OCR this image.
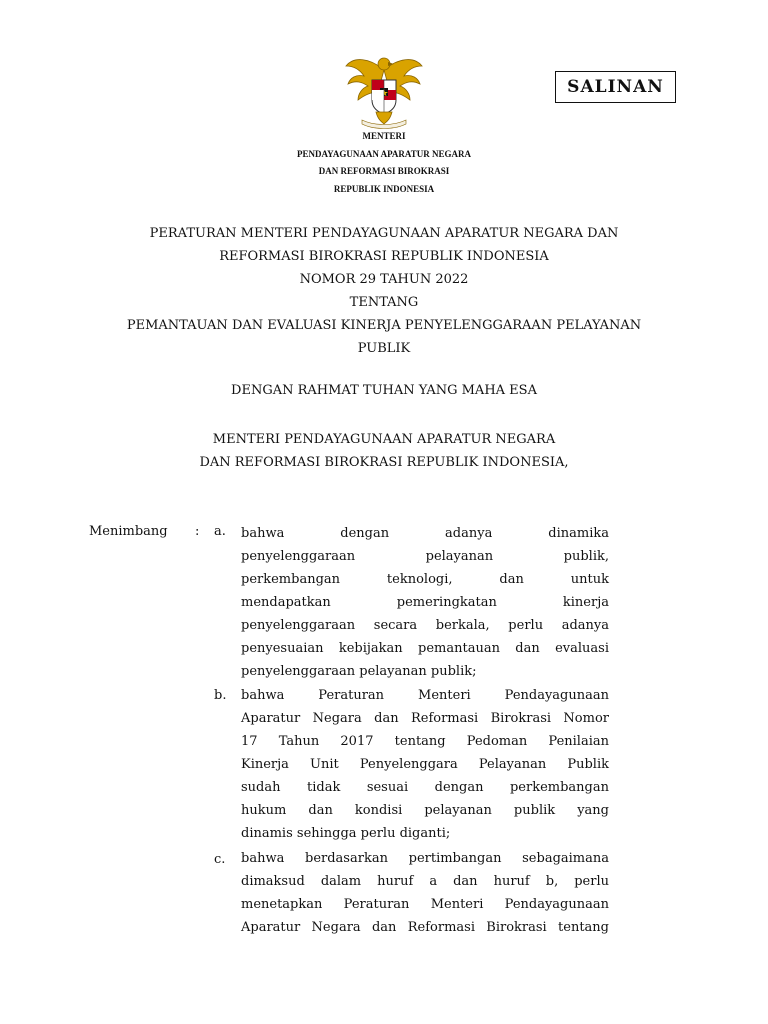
SALINAN
MENTERI
PENDAYAGUNAAN APARATUR NEGARA
DAN REFORMASI BIROKRASI
REPUBLIK INDONESIA
PERATURAN MENTERI PENDAYAGUNAAN APARATUR NEGARA DAN
REFORMASI BIROKRASI REPUBLIK INDONESIA
NOMOR 29 TAHUN 2022
TENTANG
PEMANTAUAN DAN EVALUASI KINERJA PENYELENGGARAAN PELAYANAN
PUBLIK
DENGAN RAHMAT TUHAN YANG MAHA ESA
MENTERI PENDAYAGUNAAN APARATUR NEGARA
DAN REFORMASI BIROKRASI REPUBLIK INDONESIA,
Menimbang : a. bahwa dengan adanya dinamika
penyelenggaraan pelayanan publik,
perkembangan teknologi, dan untuk
mendapatkan pemeringkatan kinerja
penyelenggaraan secara berkala, perlu adanya
penyesuaian kebijakan pemantauan dan evaluasi
penyelenggaraan pelayanan publik;
b. bahwa Peraturan Menteri Pendayagunaan
Aparatur Negara dan Reformasi Birokrasi Nomor
17 Tahun 2017 tentang Pedoman Penilaian
Kinerja Unit Penyelenggara Pelayanan Publik
sudah tidak sesuai dengan perkembangan
hukum dan kondisi pelayanan publik yang
dinamis sehingga perlu diganti;
c. bahwa berdasarkan pertimbangan sebagaimana
dimaksud dalam huruf a dan huruf b, perlu
menetapkan Peraturan Menteri Pendayagunaan
Aparatur Negara dan Reformasi Birokrasi tentang
